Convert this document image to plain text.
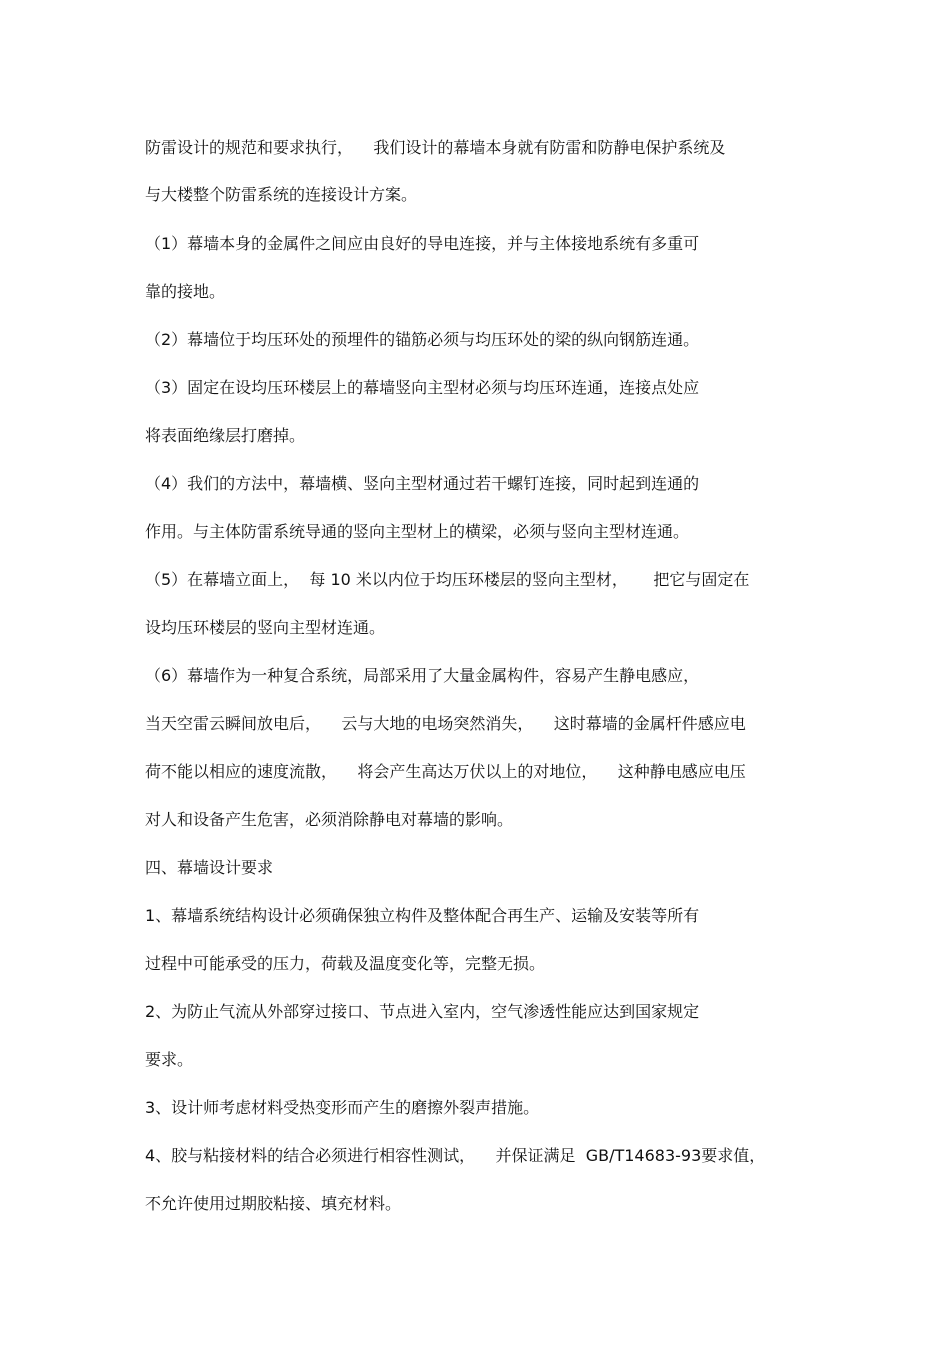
防雷设计的规范和要求执行，    我们设计的幕墙本身就有防雷和防静电保护系统及
与大楼整个防雷系统的连接设计方案。
（1）幕墙本身的金属件之间应由良好的导电连接，并与主体接地系统有多重可
靠的接地。
（2）幕墙位于均压环处的预埋件的锚筋必须与均压环处的梁的纵向钢筋连通。
（3）固定在设均压环楼层上的幕墙竖向主型材必须与均压环连通，连接点处应
将表面绝缘层打磨掉。
（4）我们的方法中，幕墙横、竖向主型材通过若干螺钉连接，同时起到连通的
作用。与主体防雷系统导通的竖向主型材上的横梁，必须与竖向主型材连通。
（5）在幕墙立面上，  每 10 米以内位于均压环楼层的竖向主型材，     把它与固定在
设均压环楼层的竖向主型材连通。
（6）幕墙作为一种复合系统，局部采用了大量金属构件，容易产生静电感应，
当天空雷云瞬间放电后，    云与大地的电场突然消失，    这时幕墙的金属杆件感应电
荷不能以相应的速度流散，    将会产生高达万伏以上的对地位，    这种静电感应电压
对人和设备产生危害，必须消除静电对幕墙的影响。
四、幕墙设计要求
1、幕墙系统结构设计必须确保独立构件及整体配合再生产、运输及安装等所有
过程中可能承受的压力，荷载及温度变化等，完整无损。
2、为防止气流从外部穿过接口、节点进入室内，空气渗透性能应达到国家规定
要求。
3、设计师考虑材料受热变形而产生的磨擦外裂声措施。
4、胶与粘接材料的结合必须进行相容性测试，    并保证满足  GB/T14683-93要求值，
不允许使用过期胶粘接、填充材料。
